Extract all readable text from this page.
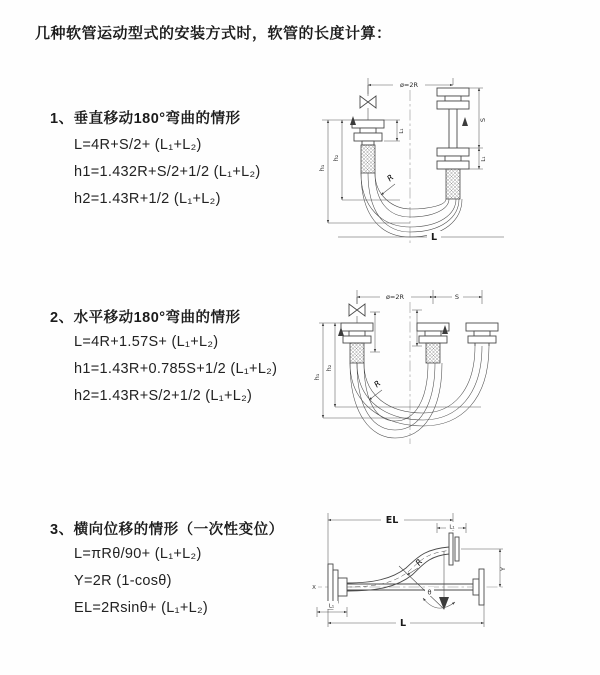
几种软管运动型式的安装方式时，软管的长度计算：
1、垂直移动180°弯曲的情形
L=4R+S/2+ (L₁+L₂)
h1=1.432R+S/2+1/2 (L₁+L₂)
h2=1.43R+1/2 (L₁+L₂)
2、水平移动180°弯曲的情形
L=4R+1.57S+ (L₁+L₂)
h1=1.43R+0.785S+1/2 (L₁+L₂)
h2=1.43R+S/2+1/2 (L₁+L₂)
3、横向位移的情形（一次性变位）
L=πRθ/90+ (L₁+L₂)
Y=2R (1-cosθ)
EL=2Rsinθ+ (L₁+L₂)
ø=2R
h₁
h₂
L₁
S
L₁
R
L
ø=2R	S
h₁
h₂
R
EL
L₁
θ
R
Y
X
L₁
L
